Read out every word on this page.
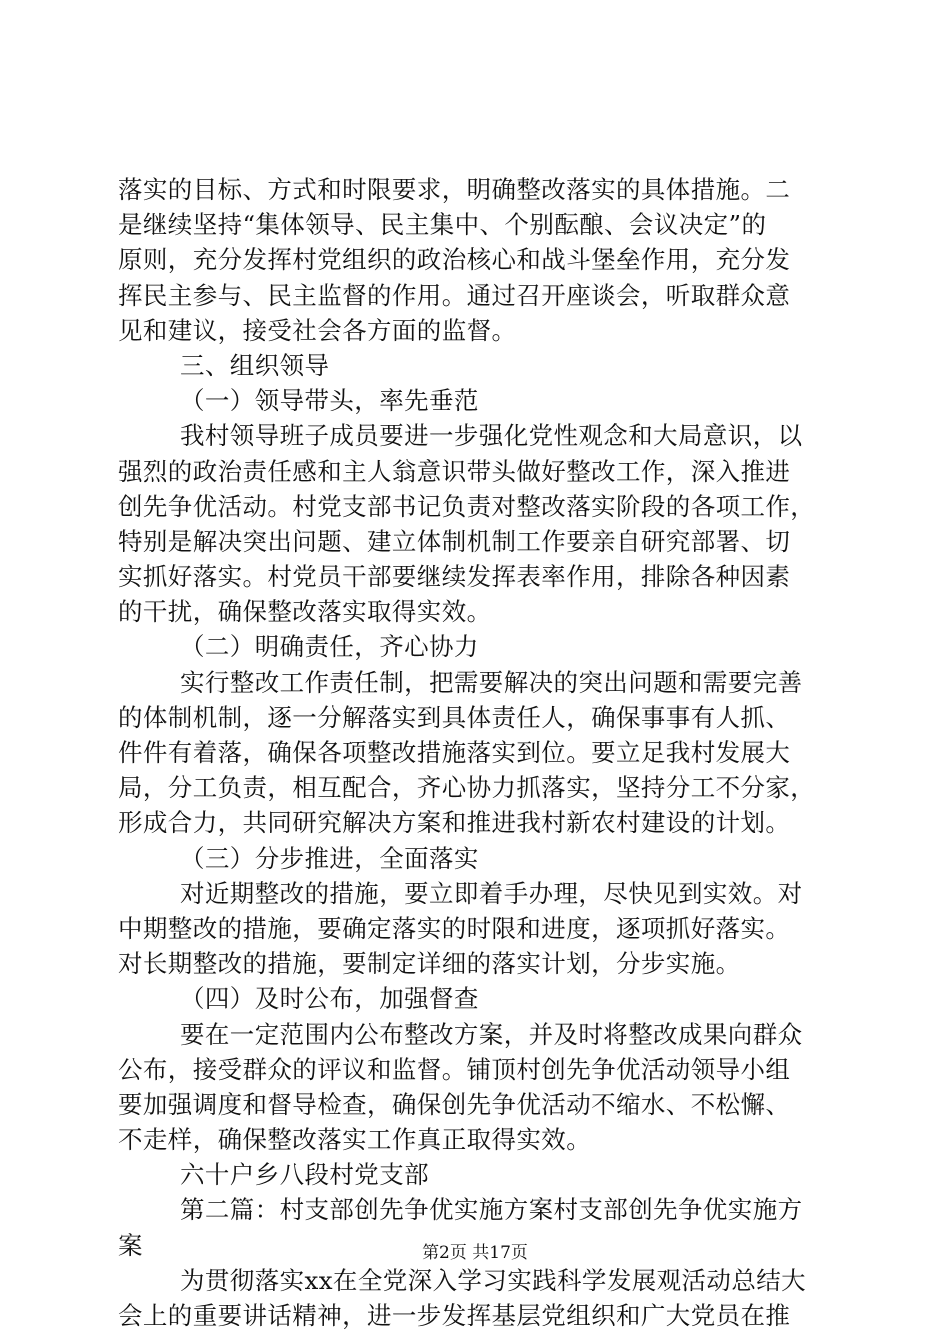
落实的目标、方式和时限要求，明确整改落实的具体措施。二
是继续坚持“集体领导、民主集中、个别酝酿、会议决定”的
原则，充分发挥村党组织的政治核心和战斗堡垒作用，充分发
挥民主参与、民主监督的作用。通过召开座谈会，听取群众意
见和建议，接受社会各方面的监督。
三、组织领导
（一）领导带头，率先垂范
我村领导班子成员要进一步强化党性观念和大局意识，以
强烈的政治责任感和主人翁意识带头做好整改工作，深入推进
创先争优活动。村党支部书记负责对整改落实阶段的各项工作，
特别是解决突出问题、建立体制机制工作要亲自研究部署、切
实抓好落实。村党员干部要继续发挥表率作用，排除各种因素
的干扰，确保整改落实取得实效。
（二）明确责任，齐心协力
实行整改工作责任制，把需要解决的突出问题和需要完善
的体制机制，逐一分解落实到具体责任人，确保事事有人抓、
件件有着落，确保各项整改措施落实到位。要立足我村发展大
局，分工负责，相互配合，齐心协力抓落实，坚持分工不分家，
形成合力，共同研究解决方案和推进我村新农村建设的计划。
（三）分步推进，全面落实
对近期整改的措施，要立即着手办理，尽快见到实效。对
中期整改的措施，要确定落实的时限和进度，逐项抓好落实。
对长期整改的措施，要制定详细的落实计划，分步实施。
（四）及时公布，加强督查
要在一定范围内公布整改方案，并及时将整改成果向群众
公布，接受群众的评议和监督。铺顶村创先争优活动领导小组
要加强调度和督导检查，确保创先争优活动不缩水、不松懈、
不走样，确保整改落实工作真正取得实效。
六十户乡八段村党支部
第二篇：村支部创先争优实施方案村支部创先争优实施方
案
为贯彻落实xx在全党深入学习实践科学发展观活动总结大
会上的重要讲话精神，进一步发挥基层党组织和广大党员在推
第2页 共17页
